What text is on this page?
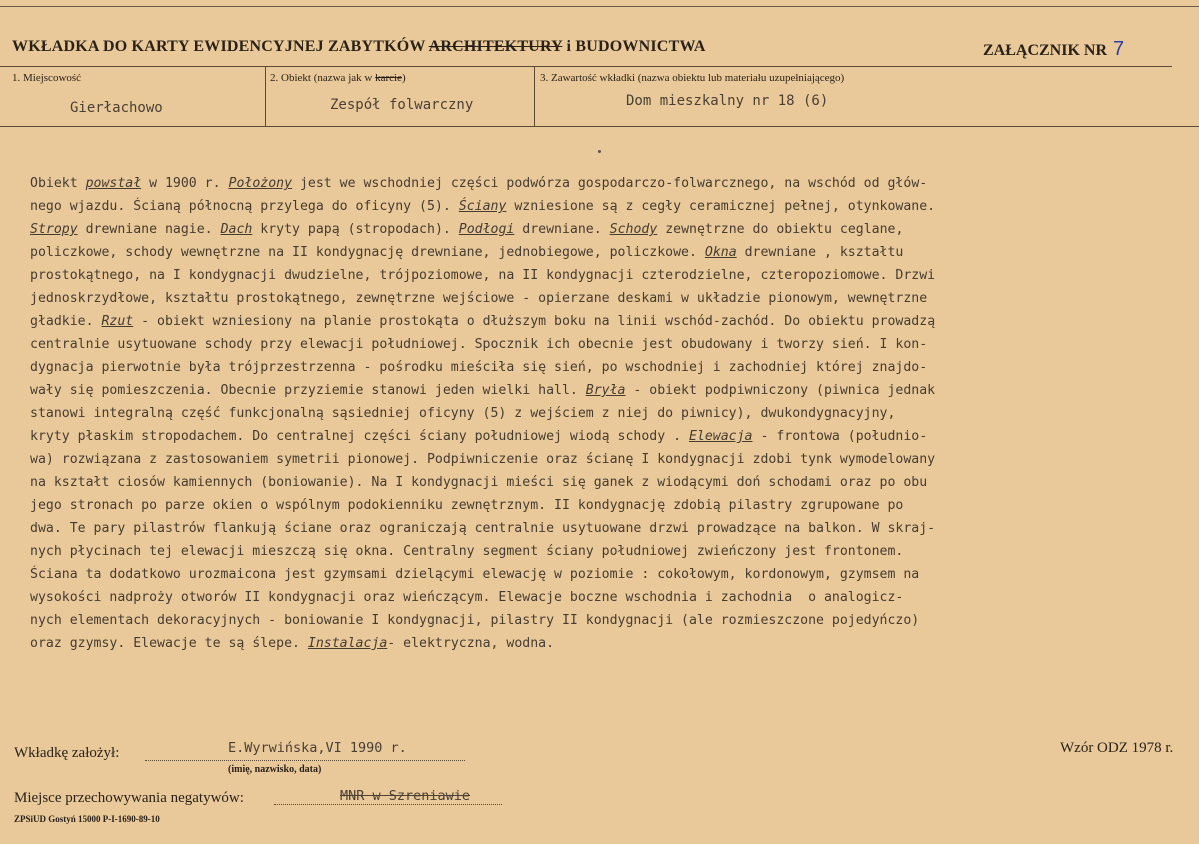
WKŁADKA DO KARTY EWIDENCYJNEJ ZABYTKÓW ARCHITEKTURY i BUDOWNICTWA	ZAŁĄCZNIK NR 7
1. Miejscowość
Gierłachowo
2. Obiekt (nazwa jak w karcie)
Zespół folwarczny
3. Zawartość wkładki (nazwa obiektu lub materiału uzupełniającego)
Dom mieszkalny nr 18 (6)
Obiekt powstał w 1900 r. Położony jest we wschodniej części podwórza gospodarczo-folwarcznego, na wschód od głów-
nego wjazdu. Ścianą północną przylega do oficyny (5). Ściany wzniesione są z cegły ceramicznej pełnej, otynkowane.
Stropy drewniane nagie. Dach kryty papą (stropodach). Podłogi drewniane. Schody zewnętrzne do obiektu ceglane,
policzkowe, schody wewnętrzne na II kondygnację drewniane, jednobiegowe, policzkowe. Okna drewniane , kształtu
prostokątnego, na I kondygnacji dwudzielne, trójpoziomowe, na II kondygnacji czterodzielne, czteropoziomowe. Drzwi
jednoskrzydłowe, kształtu prostokątnego, zewnętrzne wejściowe - opierzane deskami w układzie pionowym, wewnętrzne
gładkie. Rzut - obiekt wzniesiony na planie prostokąta o dłuższym boku na linii wschód-zachód. Do obiektu prowadzą
centralnie usytuowane schody przy elewacji południowej. Spocznik ich obecnie jest obudowany i tworzy sień. I kon-
dygnacja pierwotnie była trójprzestrzenna - pośrodku mieściła się sień, po wschodniej i zachodniej której znajdo-
wały się pomieszczenia. Obecnie przyziemie stanowi jeden wielki hall. Bryła - obiekt podpiwniczony (piwnica jednak
stanowi integralną część funkcjonalną sąsiedniej oficyny (5) z wejściem z niej do piwnicy), dwukondygnacyjny,
kryty płaskim stropodachem. Do centralnej części ściany południowej wiodą schody . Elewacja - frontowa (południo-
wa) rozwiązana z zastosowaniem symetrii pionowej. Podpiwniczenie oraz ścianę I kondygnacji zdobi tynk wymodelowany
na kształt ciosów kamiennych (boniowanie). Na I kondygnacji mieści się ganek z wiodącymi doń schodami oraz po obu
jego stronach po parze okien o wspólnym podokienniku zewnętrznym. II kondygnację zdobią pilastry zgrupowane po
dwa. Te pary pilastrów flankują ściane oraz ograniczają centralnie usytuowane drzwi prowadzące na balkon. W skraj-
nych płycinach tej elewacji mieszczą się okna. Centralny segment ściany południowej zwieńczony jest frontonem.
Ściana ta dodatkowo urozmaicona jest gzymsami dzielącymi elewację w poziomie : cokołowym, kordonowym, gzymsem na
wysokości nadproży otworów II kondygnacji oraz wieńczącym. Elewacje boczne wschodnia i zachodnia  o analogicz-
nych elementach dekoracyjnych - boniowanie I kondygnacji, pilastry II kondygnacji (ale rozmieszczone pojedyńczo)
oraz gzymsy. Elewacje te są ślepe. Instalacja- elektryczna, wodna.
Wkładkę założył:	E.Wyrwińska,VI 1990 r.
(imię, nazwisko, data)
Wzór ODZ 1978 r.
Miejsce przechowywania negatywów:	MNR w Szreniawie
ZPSiUD Gostyń 15000 P-I-1690-89-10
